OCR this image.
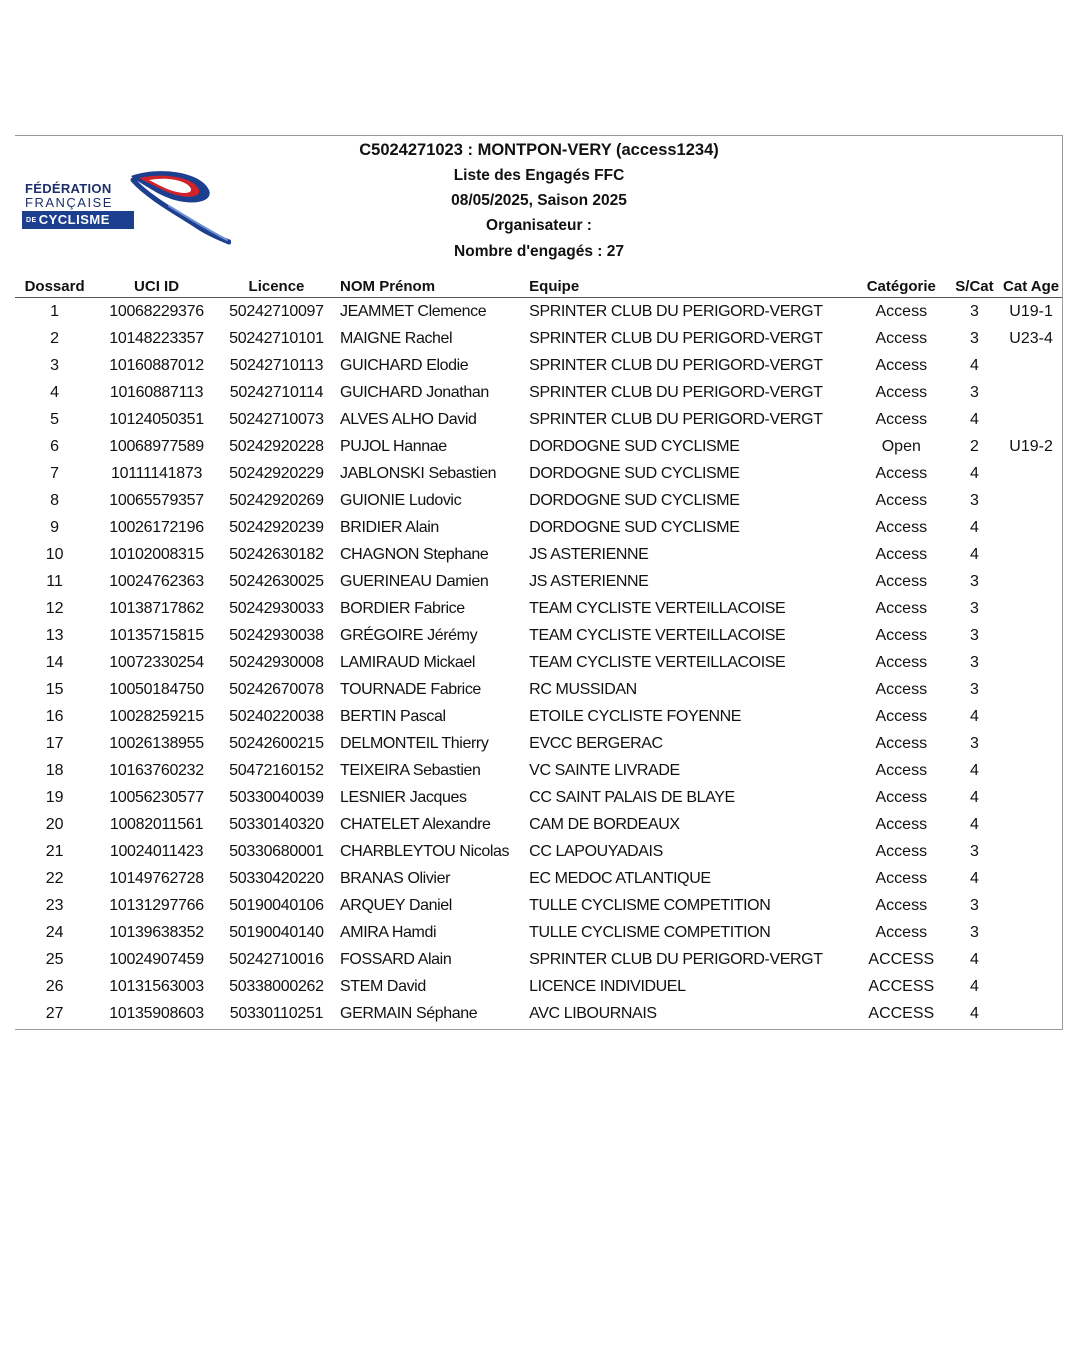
FÉDÉRATION
FRANÇAISE
DE CYCLISME
C5024271023 : MONTPON-VERY (access1234)
Liste des Engagés FFC
08/05/2025, Saison 2025
Organisateur :
Nombre d'engagés : 27
Dossard	UCI ID	Licence	NOM Prénom	Equipe	Catégorie	S/Cat	Cat Age
1	10068229376	50242710097	JEAMMET Clemence	SPRINTER CLUB DU PERIGORD-VERGT	Access	3	U19-1
2	10148223357	50242710101	MAIGNE Rachel	SPRINTER CLUB DU PERIGORD-VERGT	Access	3	U23-4
3	10160887012	50242710113	GUICHARD Elodie	SPRINTER CLUB DU PERIGORD-VERGT	Access	4	
4	10160887113	50242710114	GUICHARD Jonathan	SPRINTER CLUB DU PERIGORD-VERGT	Access	3	
5	10124050351	50242710073	ALVES ALHO David	SPRINTER CLUB DU PERIGORD-VERGT	Access	4	
6	10068977589	50242920228	PUJOL Hannae	DORDOGNE SUD CYCLISME	Open	2	U19-2
7	10111141873	50242920229	JABLONSKI Sebastien	DORDOGNE SUD CYCLISME	Access	4	
8	10065579357	50242920269	GUIONIE Ludovic	DORDOGNE SUD CYCLISME	Access	3	
9	10026172196	50242920239	BRIDIER Alain	DORDOGNE SUD CYCLISME	Access	4	
10	10102008315	50242630182	CHAGNON Stephane	JS ASTERIENNE	Access	4	
11	10024762363	50242630025	GUERINEAU Damien	JS ASTERIENNE	Access	3	
12	10138717862	50242930033	BORDIER Fabrice	TEAM CYCLISTE VERTEILLACOISE	Access	3	
13	10135715815	50242930038	GRÉGOIRE Jérémy	TEAM CYCLISTE VERTEILLACOISE	Access	3	
14	10072330254	50242930008	LAMIRAUD Mickael	TEAM CYCLISTE VERTEILLACOISE	Access	3	
15	10050184750	50242670078	TOURNADE Fabrice	RC MUSSIDAN	Access	3	
16	10028259215	50240220038	BERTIN Pascal	ETOILE CYCLISTE FOYENNE	Access	4	
17	10026138955	50242600215	DELMONTEIL Thierry	EVCC BERGERAC	Access	3	
18	10163760232	50472160152	TEIXEIRA Sebastien	VC SAINTE LIVRADE	Access	4	
19	10056230577	50330040039	LESNIER Jacques	CC SAINT PALAIS DE BLAYE	Access	4	
20	10082011561	50330140320	CHATELET Alexandre	CAM DE BORDEAUX	Access	4	
21	10024011423	50330680001	CHARBLEYTOU Nicolas	CC LAPOUYADAIS	Access	3	
22	10149762728	50330420220	BRANAS Olivier	EC MEDOC ATLANTIQUE	Access	4	
23	10131297766	50190040106	ARQUEY Daniel	TULLE CYCLISME COMPETITION	Access	3	
24	10139638352	50190040140	AMIRA Hamdi	TULLE CYCLISME COMPETITION	Access	3	
25	10024907459	50242710016	FOSSARD Alain	SPRINTER CLUB DU PERIGORD-VERGT	ACCESS	4	
26	10131563003	50338000262	STEM David	LICENCE INDIVIDUEL	ACCESS	4	
27	10135908603	50330110251	GERMAIN Séphane	AVC LIBOURNAIS	ACCESS	4	
